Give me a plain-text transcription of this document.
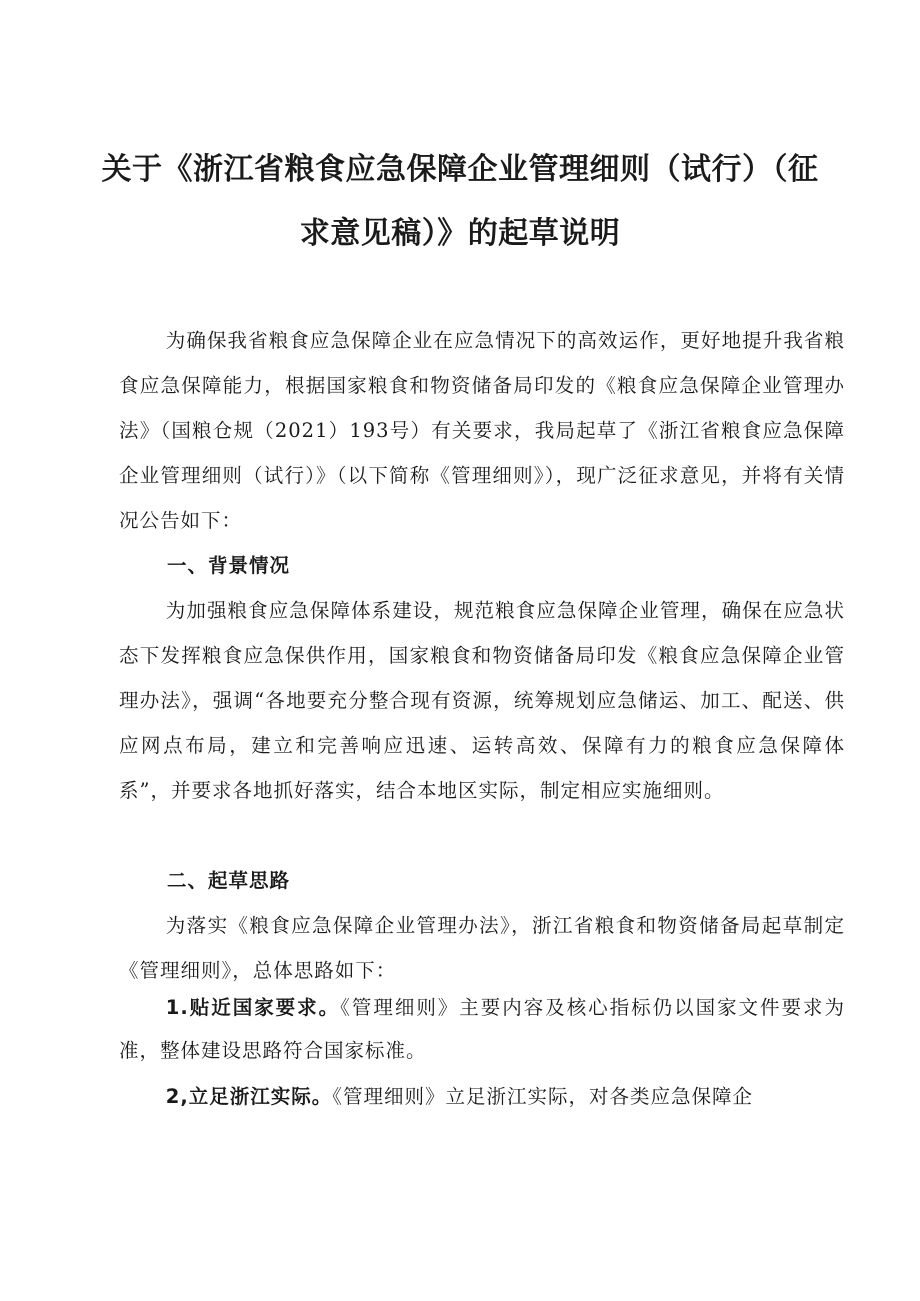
关于《浙江省粮食应急保障企业管理细则（试行）（征
求意见稿）》的起草说明

为确保我省粮食应急保障企业在应急情况下的高效运作，更好地提升我省粮食应急保障能力，根据国家粮食和物资储备局印发的《粮食应急保障企业管理办法》（国粮仓规（2021）193号）有关要求，我局起草了《浙江省粮食应急保障企业管理细则（试行）》（以下简称《管理细则》），现广泛征求意见，并将有关情况公告如下：

一、背景情况

为加强粮食应急保障体系建设，规范粮食应急保障企业管理，确保在应急状态下发挥粮食应急保供作用，国家粮食和物资储备局印发《粮食应急保障企业管理办法》，强调“各地要充分整合现有资源，统筹规划应急储运、加工、配送、供应网点布局，建立和完善响应迅速、运转高效、保障有力的粮食应急保障体系”，并要求各地抓好落实，结合本地区实际，制定相应实施细则。

二、起草思路

为落实《粮食应急保障企业管理办法》，浙江省粮食和物资储备局起草制定《管理细则》，总体思路如下：

1.贴近国家要求。《管理细则》主要内容及核心指标仍以国家文件要求为准，整体建设思路符合国家标准。

2,立足浙江实际。《管理细则》立足浙江实际，对各类应急保障企
